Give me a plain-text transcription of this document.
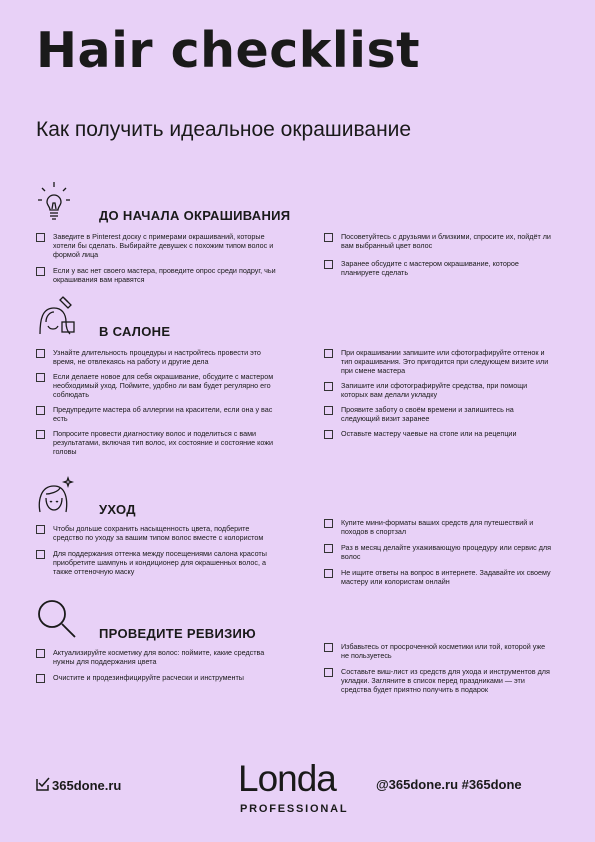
Hair checklist
Как получить идеальное окрашивание
ДО НАЧАЛА ОКРАШИВАНИЯ
Заведите в Pinterest доску с примерами окрашиваний, которые хотели бы сделать. Выбирайте девушек с похожим типом волос и формой лица
Если у вас нет своего мастера, проведите опрос среди подруг, чьи окрашивания вам нравятся
Посоветуйтесь с друзьями и близкими, спросите их, пойдёт ли вам выбранный цвет волос
Заранее обсудите с мастером окрашивание, которое планируете сделать
В САЛОНЕ
Узнайте длительность процедуры и настройтесь провести это время, не отвлекаясь на работу и другие дела
Если делаете новое для себя окрашивание, обсудите с мастером необходимый уход. Поймите, удобно ли вам будет регулярно его соблюдать
Предупредите мастера об аллергии на красители, если она у вас есть
Попросите провести диагностику волос и поделиться с вами результатами, включая тип волос, их состояние и состояние кожи головы
При окрашивании запишите или сфотографируйте оттенок и тип окрашивания. Это пригодится при следующем визите или при смене мастера
Запишите или сфотографируйте средства, при помощи которых вам делали укладку
Проявите заботу о своём времени и запишитесь на следующий визит заранее
Оставьте мастеру чаевые на стопе или на рецепции
УХОД
Чтобы дольше сохранить насыщенность цвета, подберите средство по уходу за вашим типом волос вместе с колористом
Для поддержания оттенка между посещениями салона красоты приобретите шампунь и кондиционер для окрашенных волос, а также оттеночную маску
Купите мини-форматы ваших средств для путешествий и походов в спортзал
Раз в месяц делайте ухаживающую процедуру или сервис для волос
Не ищите ответы на вопрос в интернете. Задавайте их своему мастеру или колористам онлайн
ПРОВЕДИТЕ РЕВИЗИЮ
Актуализируйте косметику для волос: поймите, какие средства нужны для поддержания цвета
Очистите и продезинфицируйте расчески и инструменты
Избавьтесь от просроченной косметики или той, которой уже не пользуетесь
Составьте виш-лист из средств для ухода и инструментов для укладки. Загляните в список перед праздниками — эти средства будет приятно получить в подарок
365done.ru	Londa
PROFESSIONAL
@365done.ru #365done
